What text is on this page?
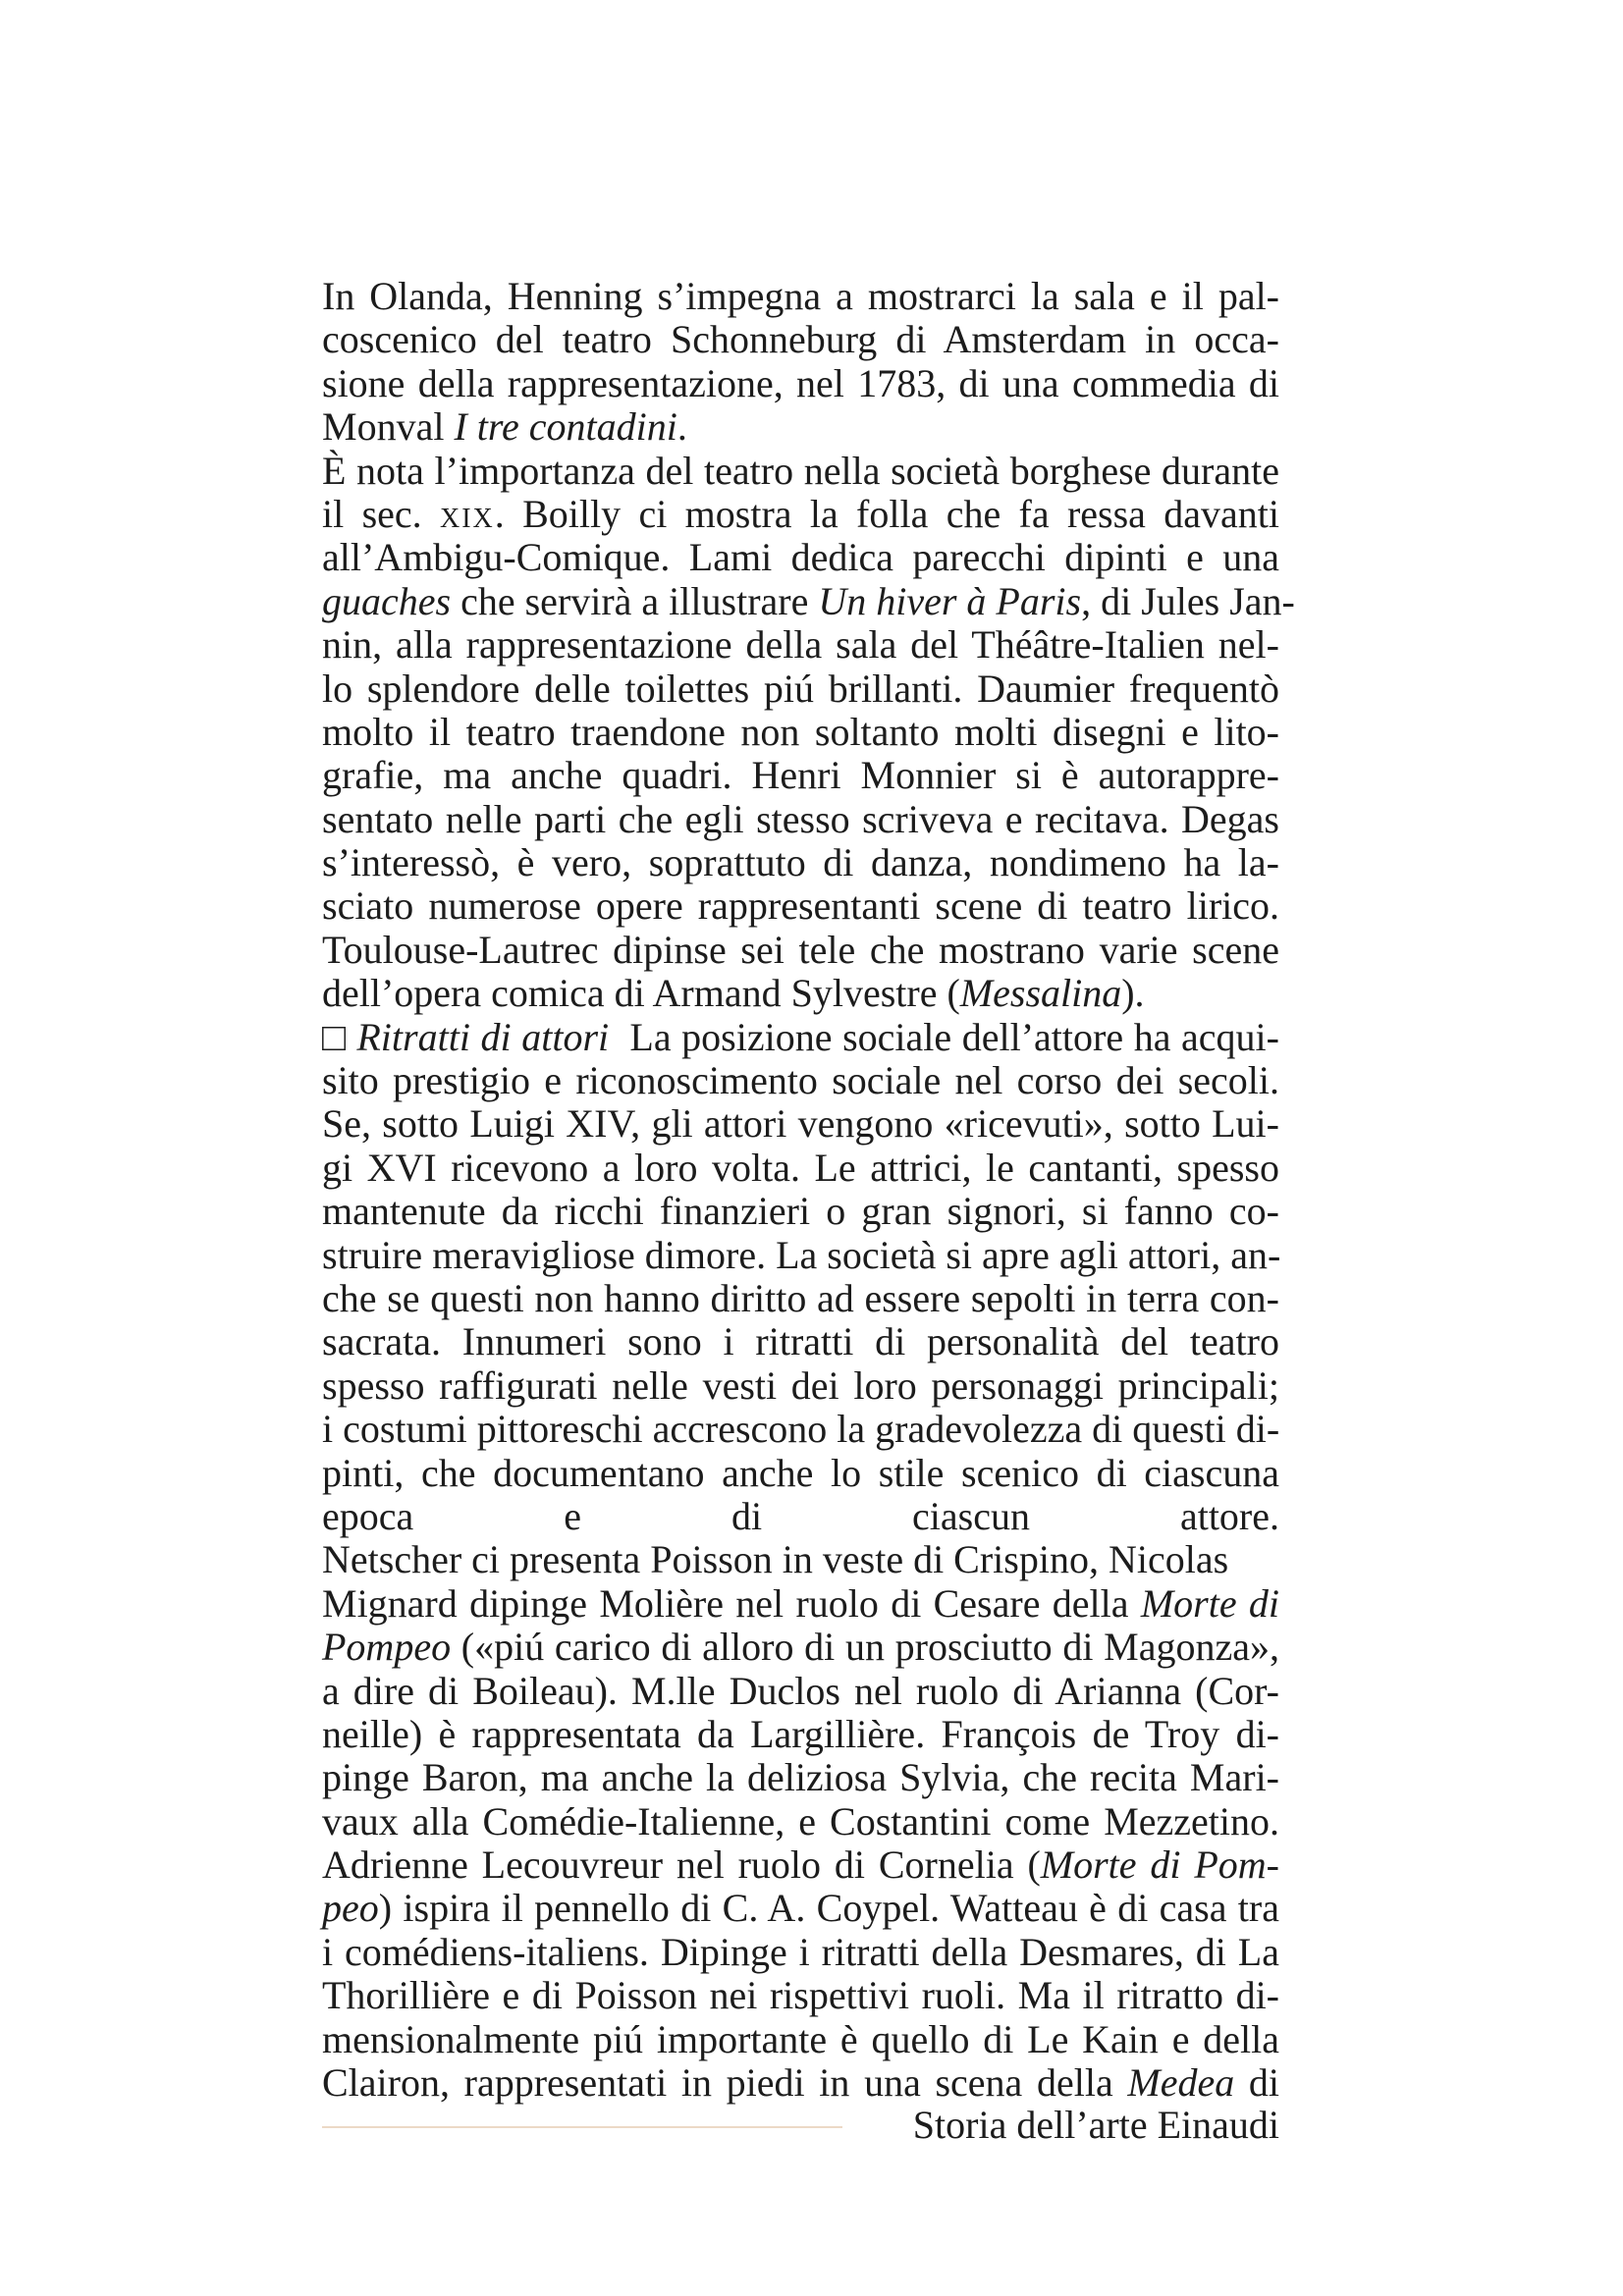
In Olanda, Henning s’impegna a mostrarci la sala e il pal-
coscenico del teatro Schonneburg di Amsterdam in occa-
sione della rappresentazione, nel 1783, di una commedia di
Monval I tre contadini.
È nota l’importanza del teatro nella società borghese durante
il sec. xix. Boilly ci mostra la folla che fa ressa davanti
all’Ambigu-Comique. Lami dedica parecchi dipinti e una
guaches che servirà a illustrare Un hiver à Paris, di Jules Jan-
nin, alla rappresentazione della sala del Théâtre-Italien nel-
lo splendore delle toilettes piú brillanti. Daumier frequentò
molto il teatro traendone non soltanto molti disegni e lito-
grafie, ma anche quadri. Henri Monnier si è autorappre-
sentato nelle parti che egli stesso scriveva e recitava. Degas
s’interessò, è vero, soprattuto di danza, nondimeno ha la-
sciato numerose opere rappresentanti scene di teatro lirico.
Toulouse-Lautrec dipinse sei tele che mostrano varie scene
dell’opera comica di Armand Sylvestre (Messalina).
□ Ritratti di attori  La posizione sociale dell’attore ha acqui-
sito prestigio e riconoscimento sociale nel corso dei secoli.
Se, sotto Luigi XIV, gli attori vengono «ricevuti», sotto Lui-
gi XVI ricevono a loro volta. Le attrici, le cantanti, spesso
mantenute da ricchi finanzieri o gran signori, si fanno co-
struire meravigliose dimore. La società si apre agli attori, an-
che se questi non hanno diritto ad essere sepolti in terra con-
sacrata. Innumeri sono i ritratti di personalità del teatro
spesso raffigurati nelle vesti dei loro personaggi principali;
i costumi pittoreschi accrescono la gradevolezza di questi di-
pinti, che documentano anche lo stile scenico di ciascuna
epoca e di ciascun attore.
Netscher ci presenta Poisson in veste di Crispino, Nicolas
Mignard dipinge Molière nel ruolo di Cesare della Morte di
Pompeo («piú carico di alloro di un prosciutto di Magonza»,
a dire di Boileau). M.lle Duclos nel ruolo di Arianna (Cor-
neille) è rappresentata da Largillière. François de Troy di-
pinge Baron, ma anche la deliziosa Sylvia, che recita Mari-
vaux alla Comédie-Italienne, e Costantini come Mezzetino.
Adrienne Lecouvreur nel ruolo di Cornelia (Morte di Pom-
peo) ispira il pennello di C. A. Coypel. Watteau è di casa tra
i comédiens-italiens. Dipinge i ritratti della Desmares, di La
Thorillière e di Poisson nei rispettivi ruoli. Ma il ritratto di-
mensionalmente piú importante è quello di Le Kain e della
Clairon, rappresentati in piedi in una scena della Medea di
Storia dell’arte Einaudi
